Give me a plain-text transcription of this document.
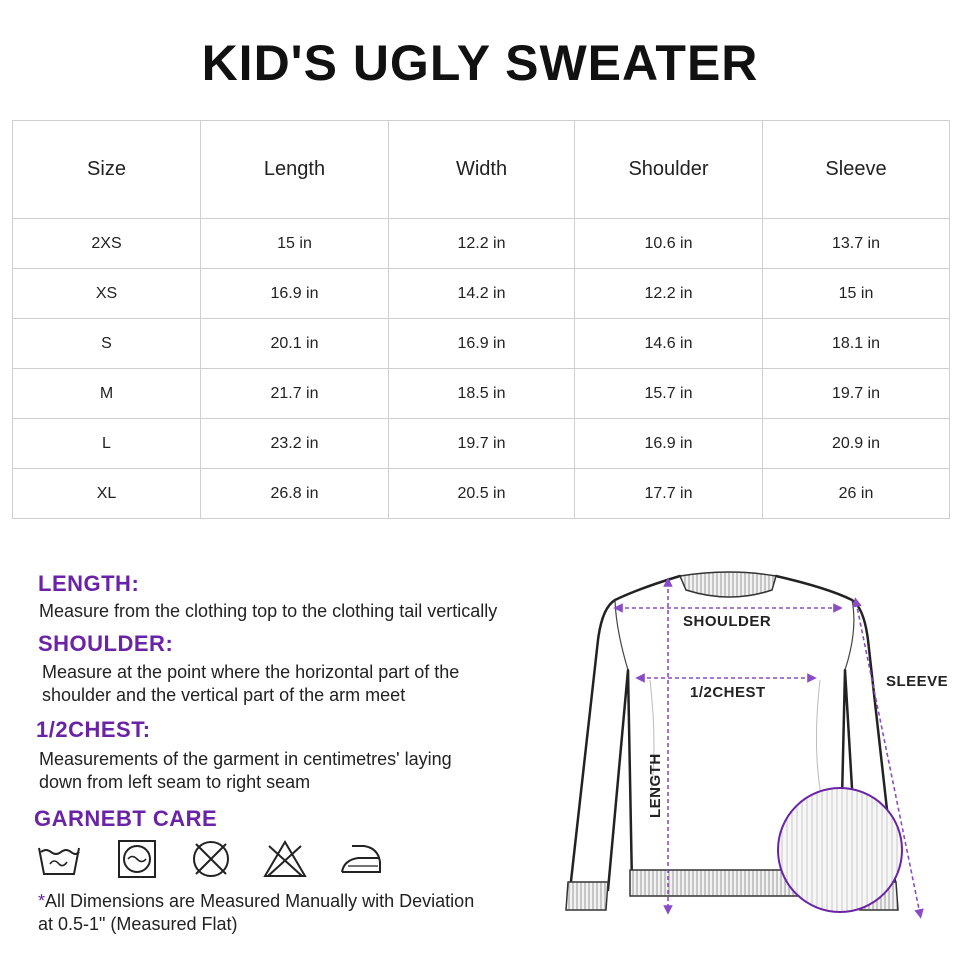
KID'S UGLY SWEATER
Size	Length	Width	Shoulder	Sleeve
2XS	15 in	12.2 in	10.6 in	13.7 in
XS	16.9 in	14.2 in	12.2 in	15 in
S	20.1 in	16.9 in	14.6 in	18.1 in
M	21.7 in	18.5 in	15.7 in	19.7 in
L	23.2 in	19.7 in	16.9 in	20.9 in
XL	26.8 in	20.5 in	17.7 in	26 in
LENGTH:
Measure from the clothing top to the clothing tail vertically
SHOULDER:
Measure at the point where the horizontal part of the
shoulder and the vertical part of the arm meet
1/2CHEST:
Measurements of the garment in centimetres' laying
down from left seam to right seam
GARNEBT CARE
*All Dimensions are Measured Manually with Deviation
at 0.5-1" (Measured Flat)
SHOULDER
1/2CHEST
SLEEVE
LENGTH
